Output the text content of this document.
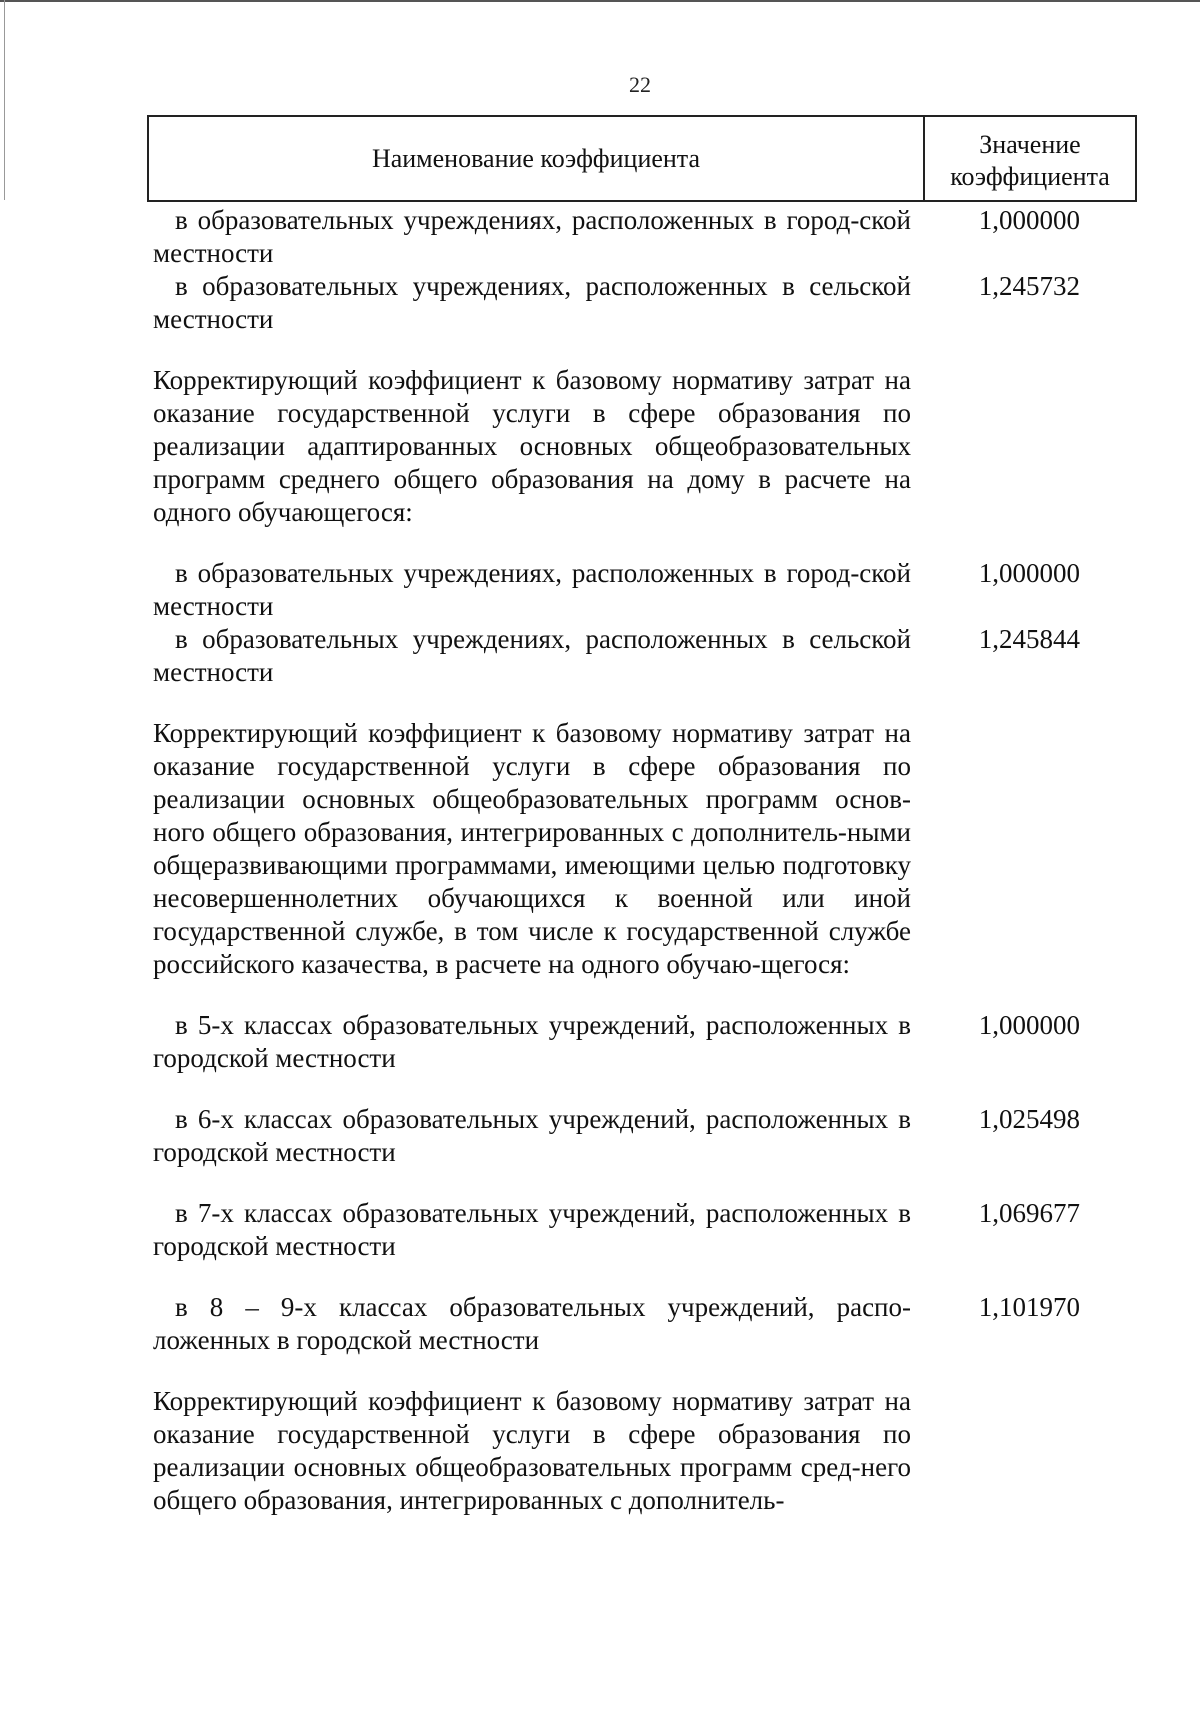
22
Наименование коэффициента	Значение
коэффициента
в образовательных учреждениях, расположенных в город-ской местности
1,000000
в образовательных учреждениях, расположенных в сельской местности
1,245732
Корректирующий коэффициент к базовому нормативу затрат на оказание государственной услуги в сфере образования по реализации адаптированных основных общеобразовательных программ среднего общего образования на дому в расчете на одного обучающегося:
в образовательных учреждениях, расположенных в город-ской местности
1,000000
в образовательных учреждениях, расположенных в сельской местности
1,245844
Корректирующий коэффициент к базовому нормативу затрат на оказание государственной услуги в сфере образования по реализации основных общеобразовательных программ основ-ного общего образования, интегрированных с дополнитель-ными общеразвивающими программами, имеющими целью подготовку несовершеннолетних обучающихся к военной или иной государственной службе, в том числе к государственной службе российского казачества, в расчете на одного обучаю-щегося:
в 5-х классах образовательных учреждений, расположенных в городской местности
1,000000
в 6-х классах образовательных учреждений, расположенных в городской местности
1,025498
в 7-х классах образовательных учреждений, расположенных в городской местности
1,069677
в 8 – 9-х классах образовательных учреждений, распо-ложенных в городской местности
1,101970
Корректирующий коэффициент к базовому нормативу затрат на оказание государственной услуги в сфере образования по реализации основных общеобразовательных программ сред-него общего образования, интегрированных с дополнитель-
